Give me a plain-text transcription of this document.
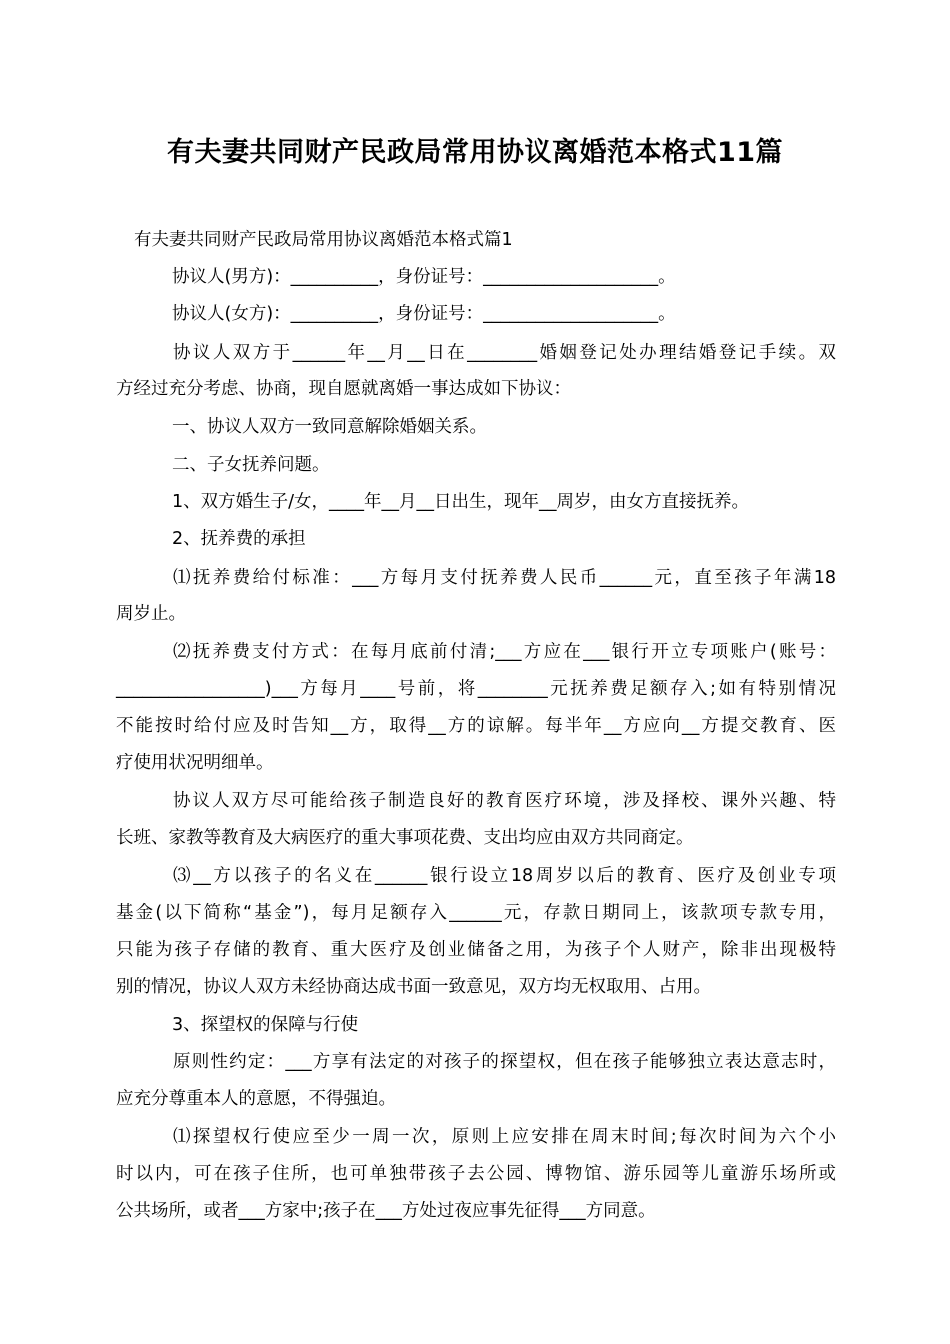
有夫妻共同财产民政局常用协议离婚范本格式11篇
有夫妻共同财产民政局常用协议离婚范本格式篇1
协议人(男方)：__________，身份证号：____________________。
协议人(女方)：__________，身份证号：____________________。
协议人双方于______年__月__日在________婚姻登记处办理结婚登记手续。双
方经过充分考虑、协商，现自愿就离婚一事达成如下协议：
一、协议人双方一致同意解除婚姻关系。
二、子女抚养问题。
1、双方婚生子/女，____年__月__日出生，现年__周岁，由女方直接抚养。
2、抚养费的承担
⑴抚养费给付标准：___方每月支付抚养费人民币______元，直至孩子年满18
周岁止。
⑵抚养费支付方式：在每月底前付清;___方应在___银行开立专项账户(账号：
_________________)___方每月____号前，将________元抚养费足额存入;如有特别情况
不能按时给付应及时告知__方，取得__方的谅解。每半年__方应向__方提交教育、医
疗使用状况明细单。
协议人双方尽可能给孩子制造良好的教育医疗环境，涉及择校、课外兴趣、特
长班、家教等教育及大病医疗的重大事项花费、支出均应由双方共同商定。
⑶__方以孩子的名义在______银行设立18周岁以后的教育、医疗及创业专项
基金(以下简称“基金”)，每月足额存入______元，存款日期同上，该款项专款专用，
只能为孩子存储的教育、重大医疗及创业储备之用，为孩子个人财产，除非出现极特
别的情况，协议人双方未经协商达成书面一致意见，双方均无权取用、占用。
3、探望权的保障与行使
原则性约定：___方享有法定的对孩子的探望权，但在孩子能够独立表达意志时，
应充分尊重本人的意愿，不得强迫。
⑴探望权行使应至少一周一次，原则上应安排在周末时间;每次时间为六个小
时以内，可在孩子住所，也可单独带孩子去公园、博物馆、游乐园等儿童游乐场所或
公共场所，或者___方家中;孩子在___方处过夜应事先征得___方同意。
